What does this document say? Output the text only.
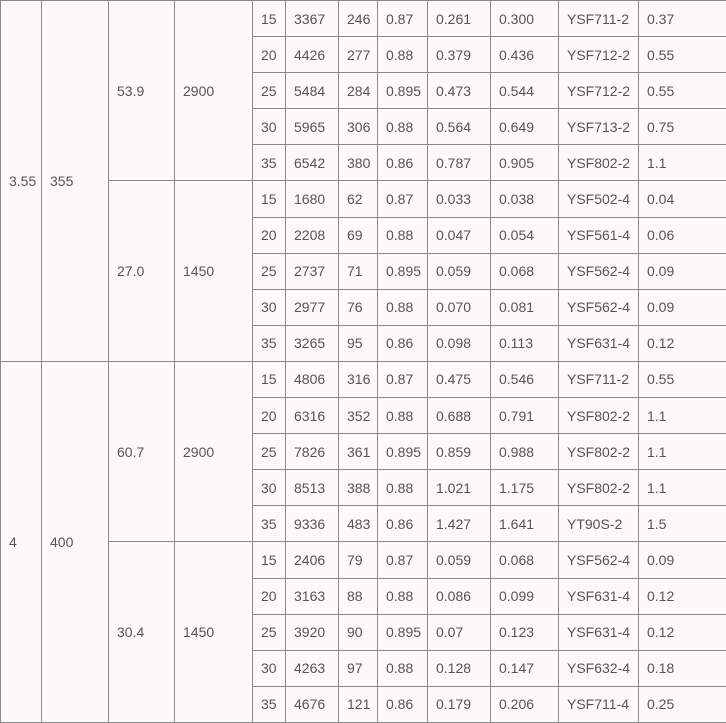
3.55	355	53.9	2900	15	3367	246	0.87	0.261	0.300	YSF711-2	0.37
				20	4426	277	0.88	0.379	0.436	YSF712-2	0.55
				25	5484	284	0.895	0.473	0.544	YSF712-2	0.55
				30	5965	306	0.88	0.564	0.649	YSF713-2	0.75
				35	6542	380	0.86	0.787	0.905	YSF802-2	1.1
		27.0	1450	15	1680	62	0.87	0.033	0.038	YSF502-4	0.04
				20	2208	69	0.88	0.047	0.054	YSF561-4	0.06
				25	2737	71	0.895	0.059	0.068	YSF562-4	0.09
				30	2977	76	0.88	0.070	0.081	YSF562-4	0.09
				35	3265	95	0.86	0.098	0.113	YSF631-4	0.12
4	400	60.7	2900	15	4806	316	0.87	0.475	0.546	YSF711-2	0.55
				20	6316	352	0.88	0.688	0.791	YSF802-2	1.1
				25	7826	361	0.895	0.859	0.988	YSF802-2	1.1
				30	8513	388	0.88	1.021	1.175	YSF802-2	1.1
				35	9336	483	0.86	1.427	1.641	YT90S-2	1.5
		30.4	1450	15	2406	79	0.87	0.059	0.068	YSF562-4	0.09
				20	3163	88	0.88	0.086	0.099	YSF631-4	0.12
				25	3920	90	0.895	0.07	0.123	YSF631-4	0.12
				30	4263	97	0.88	0.128	0.147	YSF632-4	0.18
				35	4676	121	0.86	0.179	0.206	YSF711-4	0.25
